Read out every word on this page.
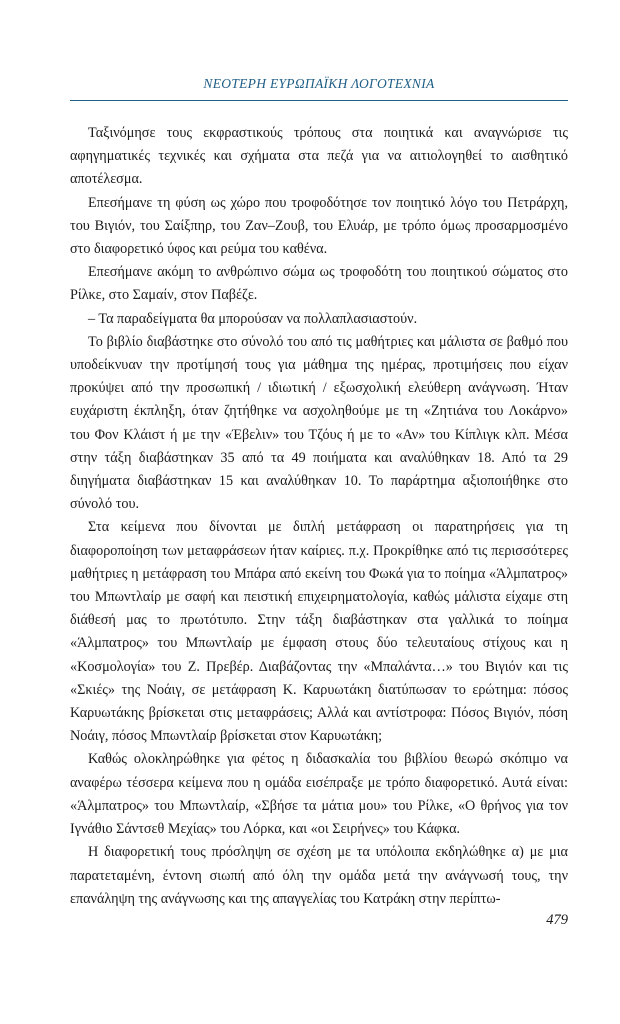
ΝΕΟΤΕΡΗ ΕΥΡΩΠΑΪΚΗ ΛΟΓΟΤΕΧΝΙΑ

Ταξινόμησε τους εκφραστικούς τρόπους στα ποιητικά και αναγνώρισε τις αφηγηματικές τεχνικές και σχήματα στα πεζά για να αιτιολογηθεί το αισθητικό αποτέλεσμα.

Επεσήμανε τη φύση ως χώρο που τροφοδότησε τον ποιητικό λόγο του Πετράρχη, του Βιγιόν, του Σαίξπηρ, του Ζαν–Ζουβ, του Ελυάρ, με τρόπο όμως προσαρμοσμένο στο διαφορετικό ύφος και ρεύμα του καθένα.

Επεσήμανε ακόμη το ανθρώπινο σώμα ως τροφοδότη του ποιητικού σώματος στο Ρίλκε, στο Σαμαίν, στον Παβέζε.

– Τα παραδείγματα θα μπορούσαν να πολλαπλασιαστούν.

Το βιβλίο διαβάστηκε στο σύνολό του από τις μαθήτριες και μάλιστα σε βαθμό που υποδείκνυαν την προτίμησή τους για μάθημα της ημέρας, προτιμήσεις που είχαν προκύψει από την προσωπική / ιδιωτική / εξωσχολική ελεύθερη ανάγνωση. Ήταν ευχάριστη έκπληξη, όταν ζητήθηκε να ασχοληθούμε με τη «Ζητιάνα του Λοκάρνο» του Φον Κλάιστ ή με την «Έβελιν» του Τζόυς ή με το «Αν» του Κίπλιγκ κλπ. Μέσα στην τάξη διαβάστηκαν 35 από τα 49 ποιήματα και αναλύθηκαν 18. Από τα 29 διηγήματα διαβάστηκαν 15 και αναλύθηκαν 10. Το παράρτημα αξιοποιήθηκε στο σύνολό του.

Στα κείμενα που δίνονται με διπλή μετάφραση οι παρατηρήσεις για τη διαφοροποίηση των μεταφράσεων ήταν καίριες. π.χ. Προκρίθηκε από τις περισσότερες μαθήτριες η μετάφραση του Μπάρα από εκείνη του Φωκά για το ποίημα «Άλμπατρος» του Μπωντλαίρ με σαφή και πειστική επιχειρηματολογία, καθώς μάλιστα είχαμε στη διάθεσή μας το πρωτότυπο. Στην τάξη διαβάστηκαν στα γαλλικά το ποίημα «Άλμπατρος» του Μπωντλαίρ με έμφαση στους δύο τελευταίους στίχους και η «Κοσμολογία» του Ζ. Πρεβέρ. Διαβάζοντας την «Μπαλάντα…» του Βιγιόν και τις «Σκιές» της Νοάιγ, σε μετάφραση Κ. Καρυωτάκη διατύπωσαν το ερώτημα: πόσος Καρυωτάκης βρίσκεται στις μεταφράσεις; Αλλά και αντίστροφα: Πόσος Βιγιόν, πόση Νοάιγ, πόσος Μπωντλαίρ βρίσκεται στον Καρυωτάκη;

Καθώς ολοκληρώθηκε για φέτος η διδασκαλία του βιβλίου θεωρώ σκόπιμο να αναφέρω τέσσερα κείμενα που η ομάδα εισέπραξε με τρόπο διαφορετικό. Αυτά είναι: «Άλμπατρος» του Μπωντλαίρ, «Σβήσε τα μάτια μου» του Ρίλκε, «Ο θρήνος για τον Ιγνάθιο Σάντσεθ Μεχίας» του Λόρκα, και «οι Σειρήνες» του Κάφκα.

Η διαφορετική τους πρόσληψη σε σχέση με τα υπόλοιπα εκδηλώθηκε α) με μια παρατεταμένη, έντονη σιωπή από όλη την ομάδα μετά την ανάγνωσή τους, την επανάληψη της ανάγνωσης και της απαγγελίας του Κατράκη στην περίπτω-

479
